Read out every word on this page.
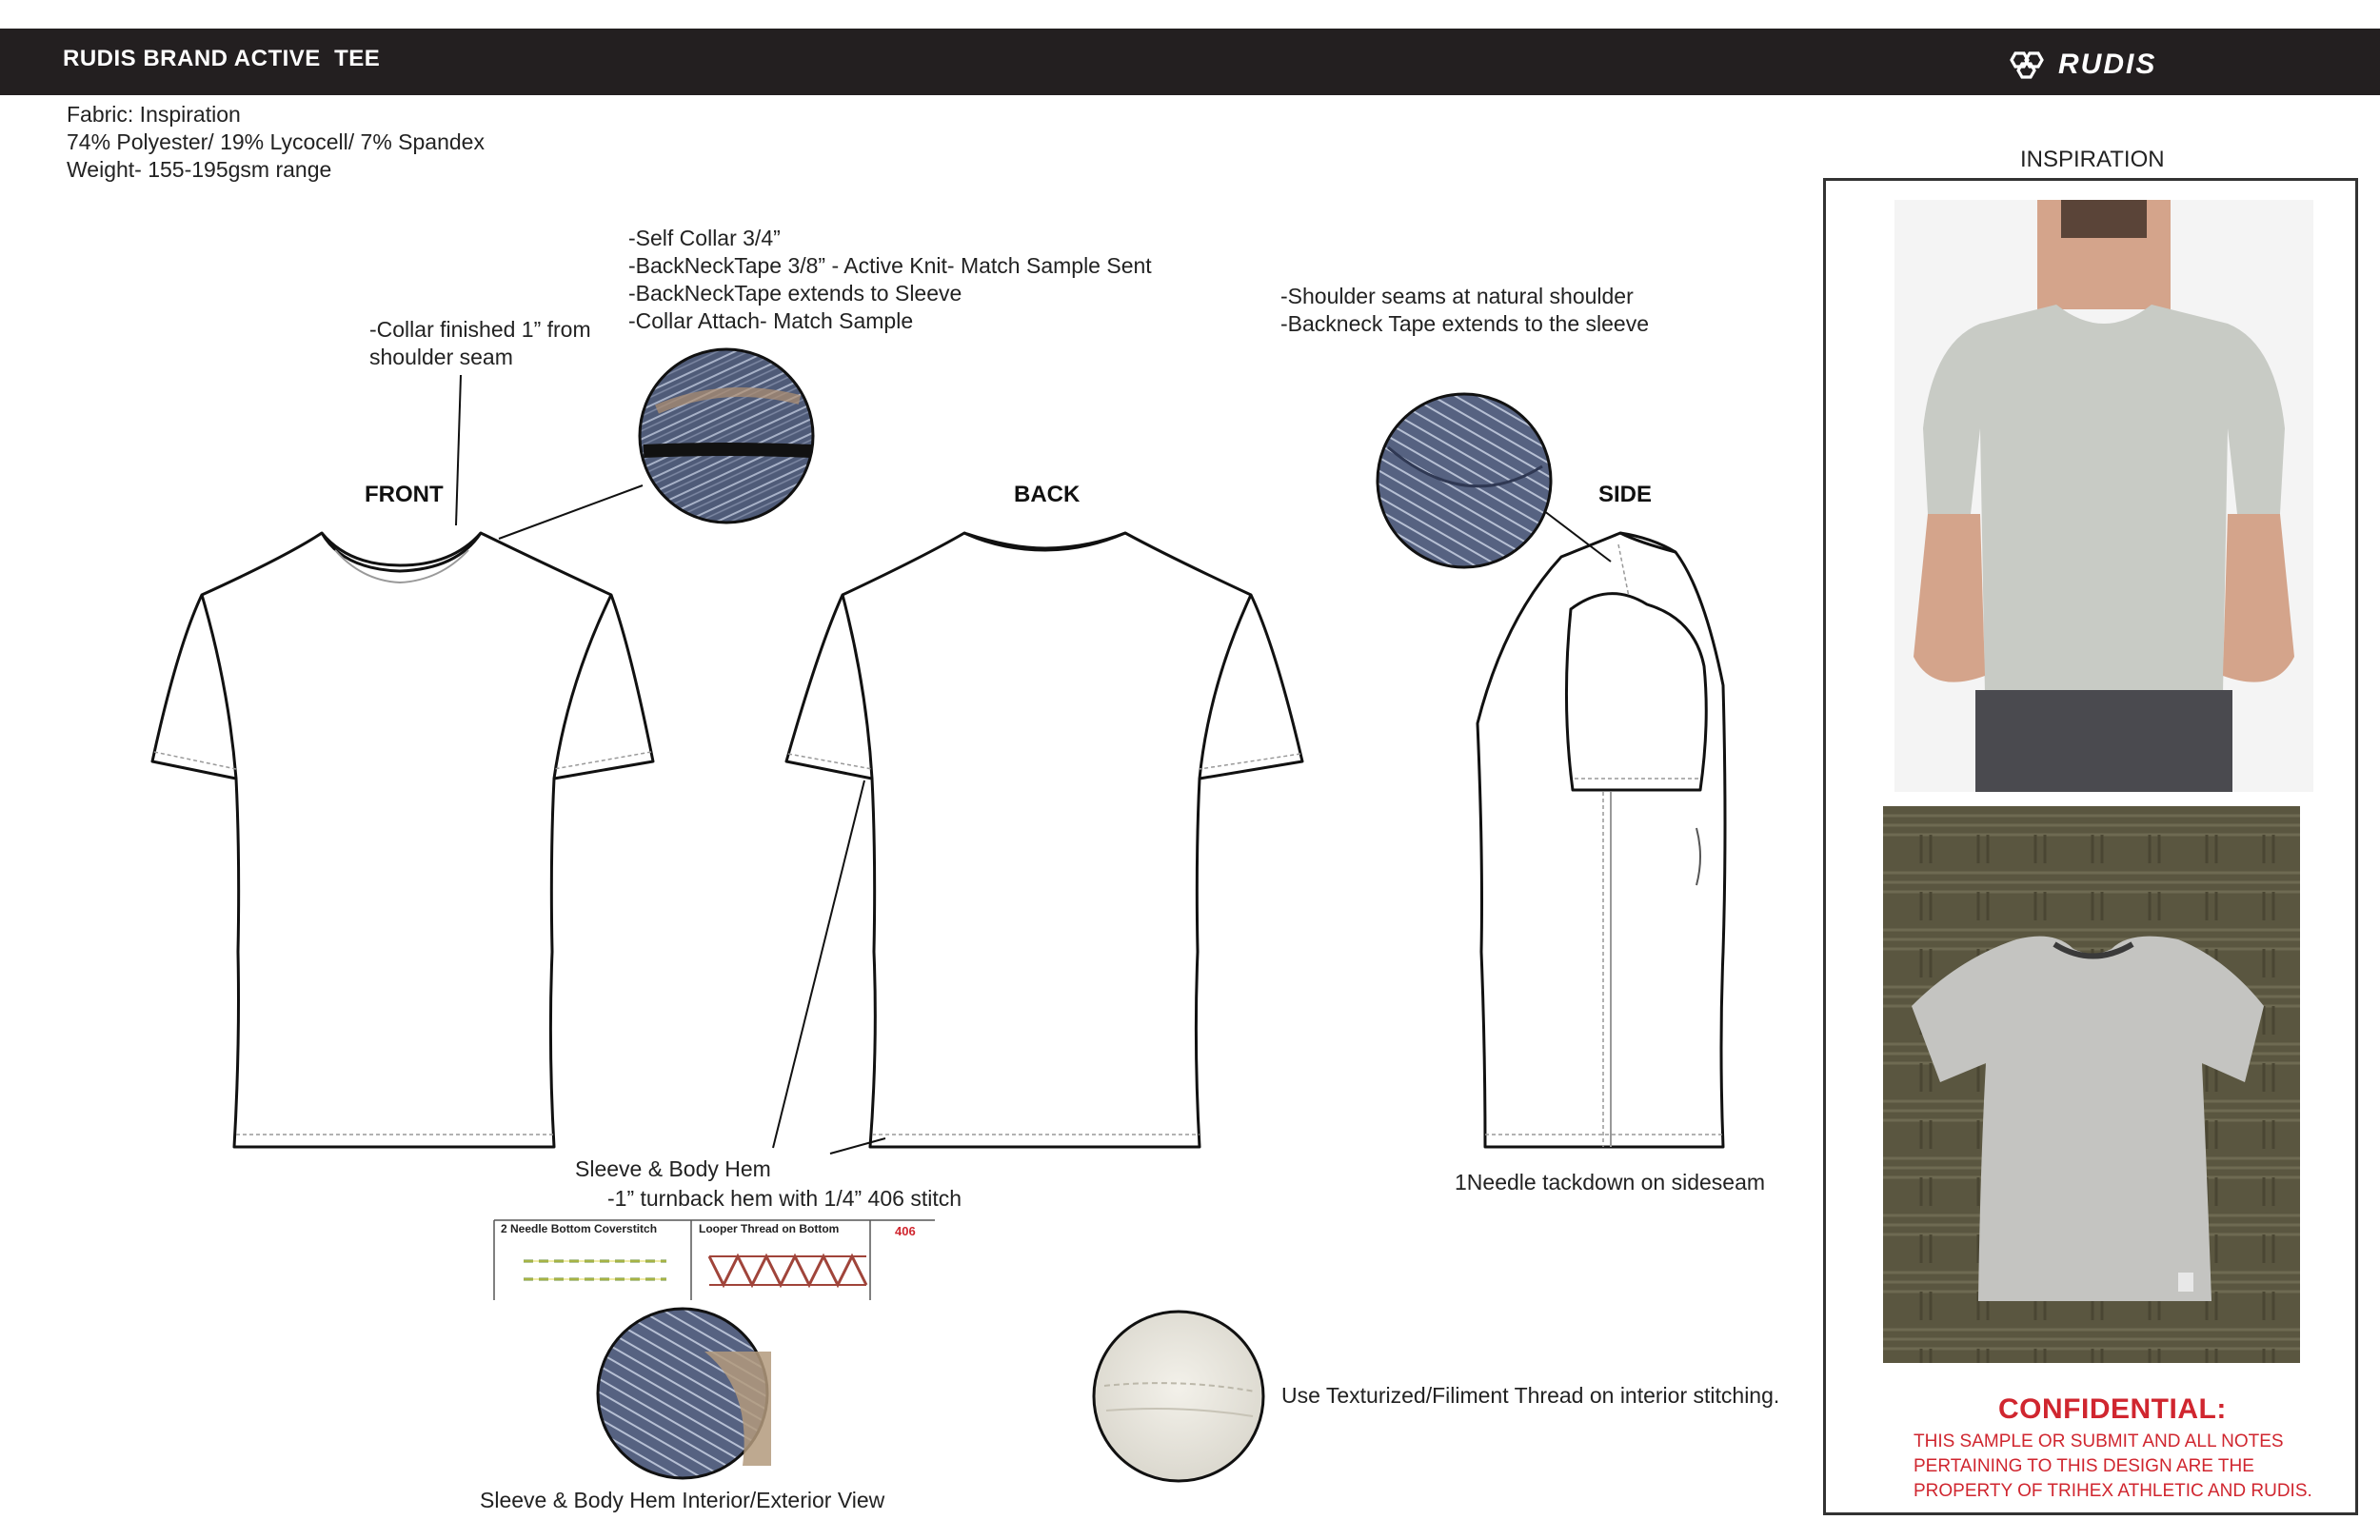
RUDIS BRAND ACTIVE  TEE	RUDIS
Fabric: Inspiration
74% Polyester/ 19% Lycocell/ 7% Spandex
Weight- 155-195gsm range
-Collar finished 1” from
shoulder seam
-Self Collar 3/4”
-BackNeckTape 3/8” - Active Knit- Match Sample Sent
-BackNeckTape extends to Sleeve
-Collar Attach- Match Sample
-Shoulder seams at natural shoulder
-Backneck Tape extends to the sleeve
Sleeve & Body Hem
-1” turnback hem with 1/4” 406 stitch
1Needle tackdown on sideseam
Sleeve & Body Hem Interior/Exterior View
Use Texturized/Filiment Thread on interior stitching.
FRONT	BACK	SIDE
2 Needle Bottom Coverstitch	Looper Thread on Bottom	406
INSPIRATION
CONFIDENTIAL:
THIS SAMPLE OR SUBMIT AND ALL NOTES
PERTAINING TO THIS DESIGN ARE THE
PROPERTY OF TRIHEX ATHLETIC AND RUDIS.
